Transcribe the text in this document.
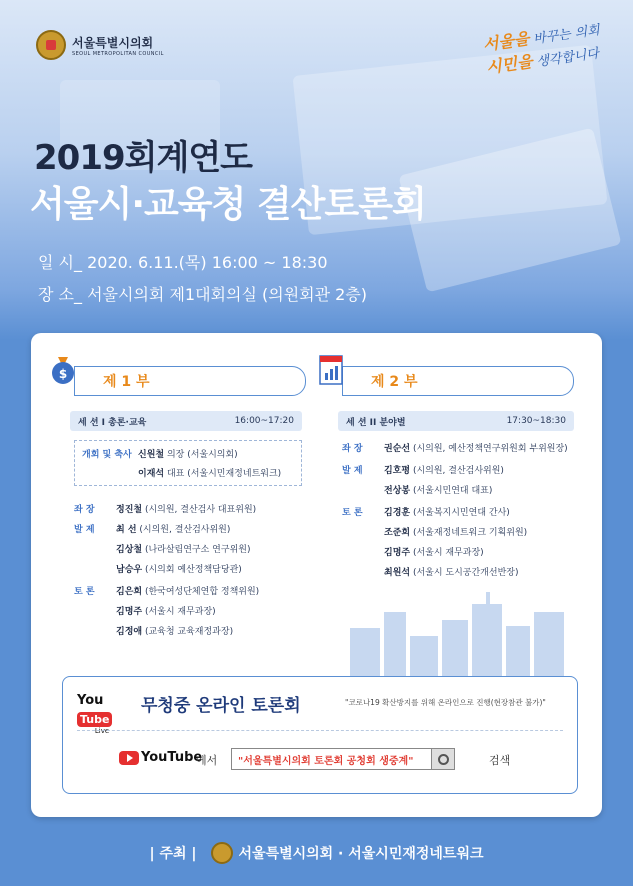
서울특별시의회
SEOUL METROPOLITAN COUNCIL	서울을 바꾸는 의회
시민을 생각합니다
2019회계연도
서울시·교육청 결산토론회
일 시_ 2020. 6.11.(목) 16:00 ~ 18:30
장 소_ 서울시의회 제1대회의실 (의원회관 2층)
$	제 1 부	제 2 부
세 션 I 총론·교육	16:00~17:20	세 션 II 분야별	17:30~18:30
개회 및 축사 신원철 의장 (서울시의회)
이재석 대표 (서울시민재정네트워크)
좌 장 정진철 (시의원, 결산검사 대표위원)
발 제 최 선 (시의원, 결산검사위원)
김상철 (나라살림연구소 연구위원)
남승우 (시의회 예산정책담당관)
토 론 김은희 (한국여성단체연합 정책위원)
김명주 (서울시 재무과장)
김정애 (교육청 교육재정과장)
좌 장 권순선 (시의원, 예산정책연구위원회 부위원장)
발 제 김호평 (시의원, 결산검사위원)
전상봉 (서울시민연대 대표)
토 론 김경훈 (서울복지시민연대 간사)
조준희 (서울재정네트워크 기획위원)
김명주 (서울시 재무과장)
최원석 (서울시 도시공간개선반장)
YouTube
Live
무청중 온라인 토론회	"코로나19 확산방지를 위해 온라인으로 진행(현장참관 불가)"
YouTube
에서	"서울특별시의회 토론회 공청회 생중계"	검색
| 주최 |	서울특별시의회 · 서울시민재정네트워크
